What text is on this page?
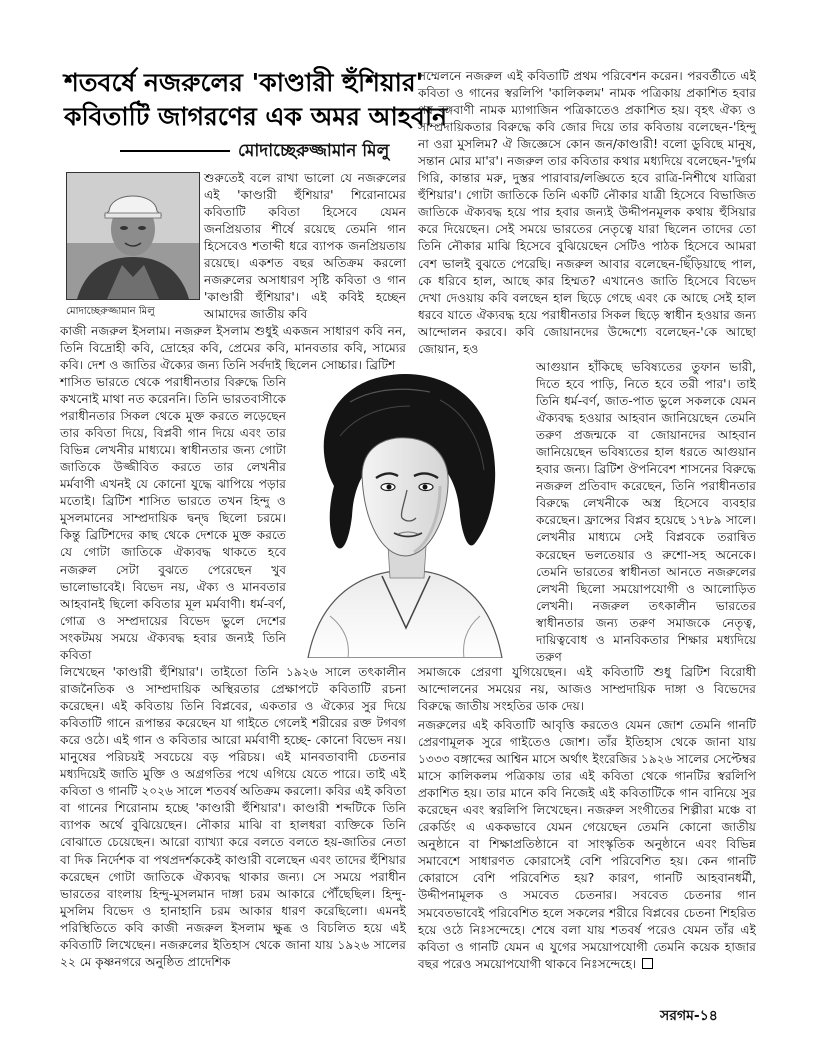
শতবর্ষে নজরুলের 'কাণ্ডারী হুঁশিয়ার'
কবিতাটি জাগরণের এক অমর আহবান
মোদাচ্ছেরুজ্জামান মিলু
মোদাচ্ছেরুজ্জামান মিলু

শুরুতেই বলে রাখা ভালো যে নজরুলের এই 'কাণ্ডারী হুঁশিয়ার' শিরোনামের কবিতাটি কবিতা হিসেবে যেমন জনপ্রিয়তার শীর্ষে রয়েছে তেমনি গান হিসেবেও শতাব্দী ধরে ব্যাপক জনপ্রিয়তায় রয়েছে। একশত বছর অতিক্রম করলো নজরুলের অসাধারণ সৃষ্টি কবিতা ও গান 'কাণ্ডারী হুঁশিয়ার'। এই কবিই হচ্ছেন আমাদের জাতীয় কবি

কাজী নজরুল ইসলাম। নজরুল ইসলাম শুধুই একজন সাধারণ কবি নন, তিনি বিদ্রোহী কবি, দ্রোহের কবি, প্রেমের কবি, মানবতার কবি, সাম্যের কবি। দেশ ও জাতির ঐক্যের জন্য তিনি সর্বদাই ছিলেন সোচ্চার। ব্রিটিশ

শাসিত ভারতে থেকে পরাধীনতার বিরুদ্ধে তিনি কখনোই মাথা নত করেননি। তিনি ভারতবাসীকে পরাধীনতার সিকল থেকে মুক্ত করতে লড়েছেন তার কবিতা দিয়ে, বিপ্লবী গান দিয়ে এবং তার বিভিন্ন লেখনীর মাধ্যমে। স্বাধীনতার জন্য গোটা জাতিকে উজ্জীবিত করতে তার লেখনীর মর্মবাণী এখনই যে কোনো যুদ্ধে ঝাপিয়ে পড়ার মতোই। ব্রিটিশ শাসিত ভারতে তখন হিন্দু ও মুসলমানের সাম্প্রদায়িক দ্বন্দ্ব ছিলো চরমে। কিন্তু ব্রিটিশদের কাছ থেকে দেশকে মুক্ত করতে যে গোটা জাতিকে ঐক্যবদ্ধ থাকতে হবে নজরুল সেটা বুঝতে পেরেছেন খুব ভালোভাবেই। বিভেদ নয়, ঐক্য ও মানবতার আহবানই ছিলো কবিতার মূল মর্মবাণী। ধর্ম-বর্ণ, গোত্র ও সম্প্রদায়ের বিভেদ ভুলে দেশের সংকটময় সময়ে ঐক্যবদ্ধ হবার জন্যই তিনি কবিতা

লিখেছেন 'কাণ্ডারী হুঁশিয়ার'। তাইতো তিনি ১৯২৬ সালে তৎকালীন রাজনৈতিক ও সাম্প্রদায়িক অস্থিরতার প্রেক্ষাপটে কবিতাটি রচনা করেছেন। এই কবিতায় তিনি বিপ্লবের, একতার ও ঐক্যের সুর দিয়ে কবিতাটি গানে রূপান্তর করেছেন যা গাইতে গেলেই শরীরের রক্ত টগবগ করে ওঠে। এই গান ও কবিতার আরো মর্মবাণী হচ্ছে- কোনো বিভেদ নয়। মানুষের পরিচয়ই সবচেয়ে বড় পরিচয়। এই মানবতাবাদী চেতনার মধ্যদিয়েই জাতি মুক্তি ও অগ্রগতির পথে এগিয়ে যেতে পারে। তাই এই কবিতা ও গানটি ২০২৬ সালে শতবর্ষ অতিক্রম করলো। কবির এই কবিতা বা গানের শিরোনাম হচ্ছে 'কাণ্ডারী হুঁশিয়ার'। কাণ্ডারী শব্দটিকে তিনি ব্যাপক অর্থে বুঝিয়েছেন। নৌকার মাঝি বা হালধরা ব্যক্তিকে তিনি বোঝাতে চেয়েছেন। আরো ব্যাখ্যা করে বলতে বলতে হয়-জাতির নেতা বা দিক নির্দেশক বা পথপ্রদর্শককেই কাণ্ডারী বলেছেন এবং তাদের হুঁশিয়ার করেছেন গোটা জাতিকে ঐক্যবদ্ধ থাকার জন্য। সে সময়ে পরাধীন ভারতের বাংলায় হিন্দু-মুসলমান দাঙ্গা চরম আকারে পৌঁছেছিল। হিন্দু-মুসলিম বিভেদ ও হানাহানি চরম আকার ধারণ করেছিলো। এমনই পরিস্থিতিতে কবি কাজী নজরুল ইসলাম ক্ষুব্ধ ও বিচলিত হয়ে এই কবিতাটি লিখেছেন। নজরুলের ইতিহাস থেকে জানা যায় ১৯২৬ সালের ২২ মে কৃষ্ণনগরে অনুষ্ঠিত প্রাদেশিক

সম্মেলনে নজরুল এই কবিতাটি প্রথম পরিবেশন করেন। পরবর্তীতে এই কবিতা ও গানের স্বরলিপি 'কালিকলম' নামক পত্রিকায় প্রকাশিত হবার পর বঙ্গবাণী নামক ম্যাগাজিন পত্রিকাতেও প্রকাশিত হয়। বৃহৎ ঐক্য ও সাম্প্রদায়িকতার বিরুদ্ধে কবি জোর দিয়ে তার কবিতায় বলেছেন-'হিন্দু না ওরা মুসলিম? ঐ জিজ্ঞেসে কোন জন/কাণ্ডারী! বলো ডুবিছে মানুষ, সন্তান মোর মা'র'। নজরুল তার কবিতার কথার মধ্যদিয়ে বলেছেন-'দুর্গম গিরি, কান্তার মরু, দুস্তর পারাবার/লঙ্ঘিতে হবে রাত্রি-নিশীথে যাত্রিরা হুঁশিয়ার'। গোটা জাতিকে তিনি একটি নৌকার যাত্রী হিসেবে বিভাজিত জাতিকে ঐক্যবদ্ধ হয়ে পার হবার জন্যই উদ্দীপনমূলক কথায় হুঁসিয়ার করে দিয়েছেন। সেই সময়ে ভারতের নেতৃত্বে যারা ছিলেন তাদের তো তিনি নৌকার মাঝি হিসেবে বুঝিয়েছেন সেটিও পাঠক হিসেবে আমরা বেশ ভালই বুঝতে পেরেছি। নজরুল আবার বলেছেন-ছিঁড়িয়াছে পাল, কে ধরিবে হাল, আছে কার হিম্মত? এখানেও জাতি হিসেবে বিভেদ দেখা দেওয়ায় কবি বলছেন হাল ছিড়ে গেছে এবং কে আছে সেই হাল ধরবে যাতে ঐক্যবদ্ধ হয়ে পরাধীনতার সিকল ছিড়ে স্বাধীন হওয়ার জন্য আন্দোলন করবে। কবি জোয়ানদের উদ্দেশ্যে বলেছেন-'কে আছো জোয়ান, হও

আগুয়ান হাঁকিছে ভবিষ্যতের তুফান ভারী, দিতে হবে পাড়ি, নিতে হবে তরী পার'। তাই তিনি ধর্ম-বর্ণ, জাত-পাত ভুলে সকলকে যেমন ঐক্যবদ্ধ হওয়ার আহবান জানিয়েছেন তেমনি তরুণ প্রজন্মকে বা জোয়ানদের আহবান জানিয়েছেন ভবিষ্যতের হাল ধরতে আগুয়ান হবার জন্য। ব্রিটিশ ঔপনিবেশ শাসনের বিরুদ্ধে নজরুল প্রতিবাদ করেছেন, তিনি পরাধীনতার বিরুদ্ধে লেখনীকে অস্ত্র হিসেবে ব্যবহার করেছেন। ফ্রান্সের বিপ্লব হয়েছে ১৭৮৯ সালে। লেখনীর মাধ্যমে সেই বিপ্লবকে তরান্বিত করেছেন ভলতেয়ার ও রুশো-সহ অনেকে। তেমনি ভারতের স্বাধীনতা আনতে নজরুলের লেখনী ছিলো সময়োপযোগী ও আলোড়িত লেখনী। নজরুল তৎকালীন ভারতের স্বাধীনতার জন্য তরুণ সমাজকে নেতৃত্ব, দায়িত্ববোধ ও মানবিকতার শিক্ষার মধ্যদিয়ে তরুণ

সমাজকে প্রেরণা যুগিয়েছেন। এই কবিতাটি শুধু ব্রিটিশ বিরোধী আন্দোলনের সময়ের নয়, আজও সাম্প্রদায়িক দাঙ্গা ও বিভেদের বিরুদ্ধে জাতীয় সংহতির ডাক দেয়।

নজরুলের এই কবিতাটি আবৃত্তি করতেও যেমন জোশ তেমনি গানটি প্রেরণামূলক সুরে গাইতেও জোশ। তাঁর ইতিহাস থেকে জানা যায় ১৩৩৩ বঙ্গাব্দের আশ্বিন মাসে অর্থাৎ ইংরেজির ১৯২৬ সালের সেপ্টেম্বর মাসে কালিকলম পত্রিকায় তার এই কবিতা থেকে গানটির স্বরলিপি প্রকাশিত হয়। তার মানে কবি নিজেই এই কবিতাটিকে গান বানিয়ে সুর করেছেন এবং স্বরলিপি লিখেছেন। নজরুল সংগীতের শিল্পীরা মঞ্চে বা রেকর্ডিং এ এককভাবে যেমন গেয়েছেন তেমনি কোনো জাতীয় অনুষ্ঠানে বা শিক্ষাপ্রতিষ্ঠানে বা সাংস্কৃতিক অনুষ্ঠানে এবং বিভিন্ন সমাবেশে সাধারণত কোরাসেই বেশি পরিবেশিত হয়। কেন গানটি কোরাসে বেশি পরিবেশিত হয়? কারণ, গানটি আহবানধর্মী, উদ্দীপনামূলক ও সমবেত চেতনার। সববেত চেতনার গান সমবেতভাবেই পরিবেশিত হলে সকলের শরীরে বিপ্লবের চেতনা শিহরিত হয়ে ওঠে নিঃসন্দেহে। শেষে বলা যায় শতবর্ষ পরেও যেমন তাঁর এই কবিতা ও গানটি যেমন এ যুগের সময়োপযোগী তেমনি কয়েক হাজার বছর পরেও সময়োপযোগী থাকবে নিঃসন্দেহে।

সরগম-১৪
